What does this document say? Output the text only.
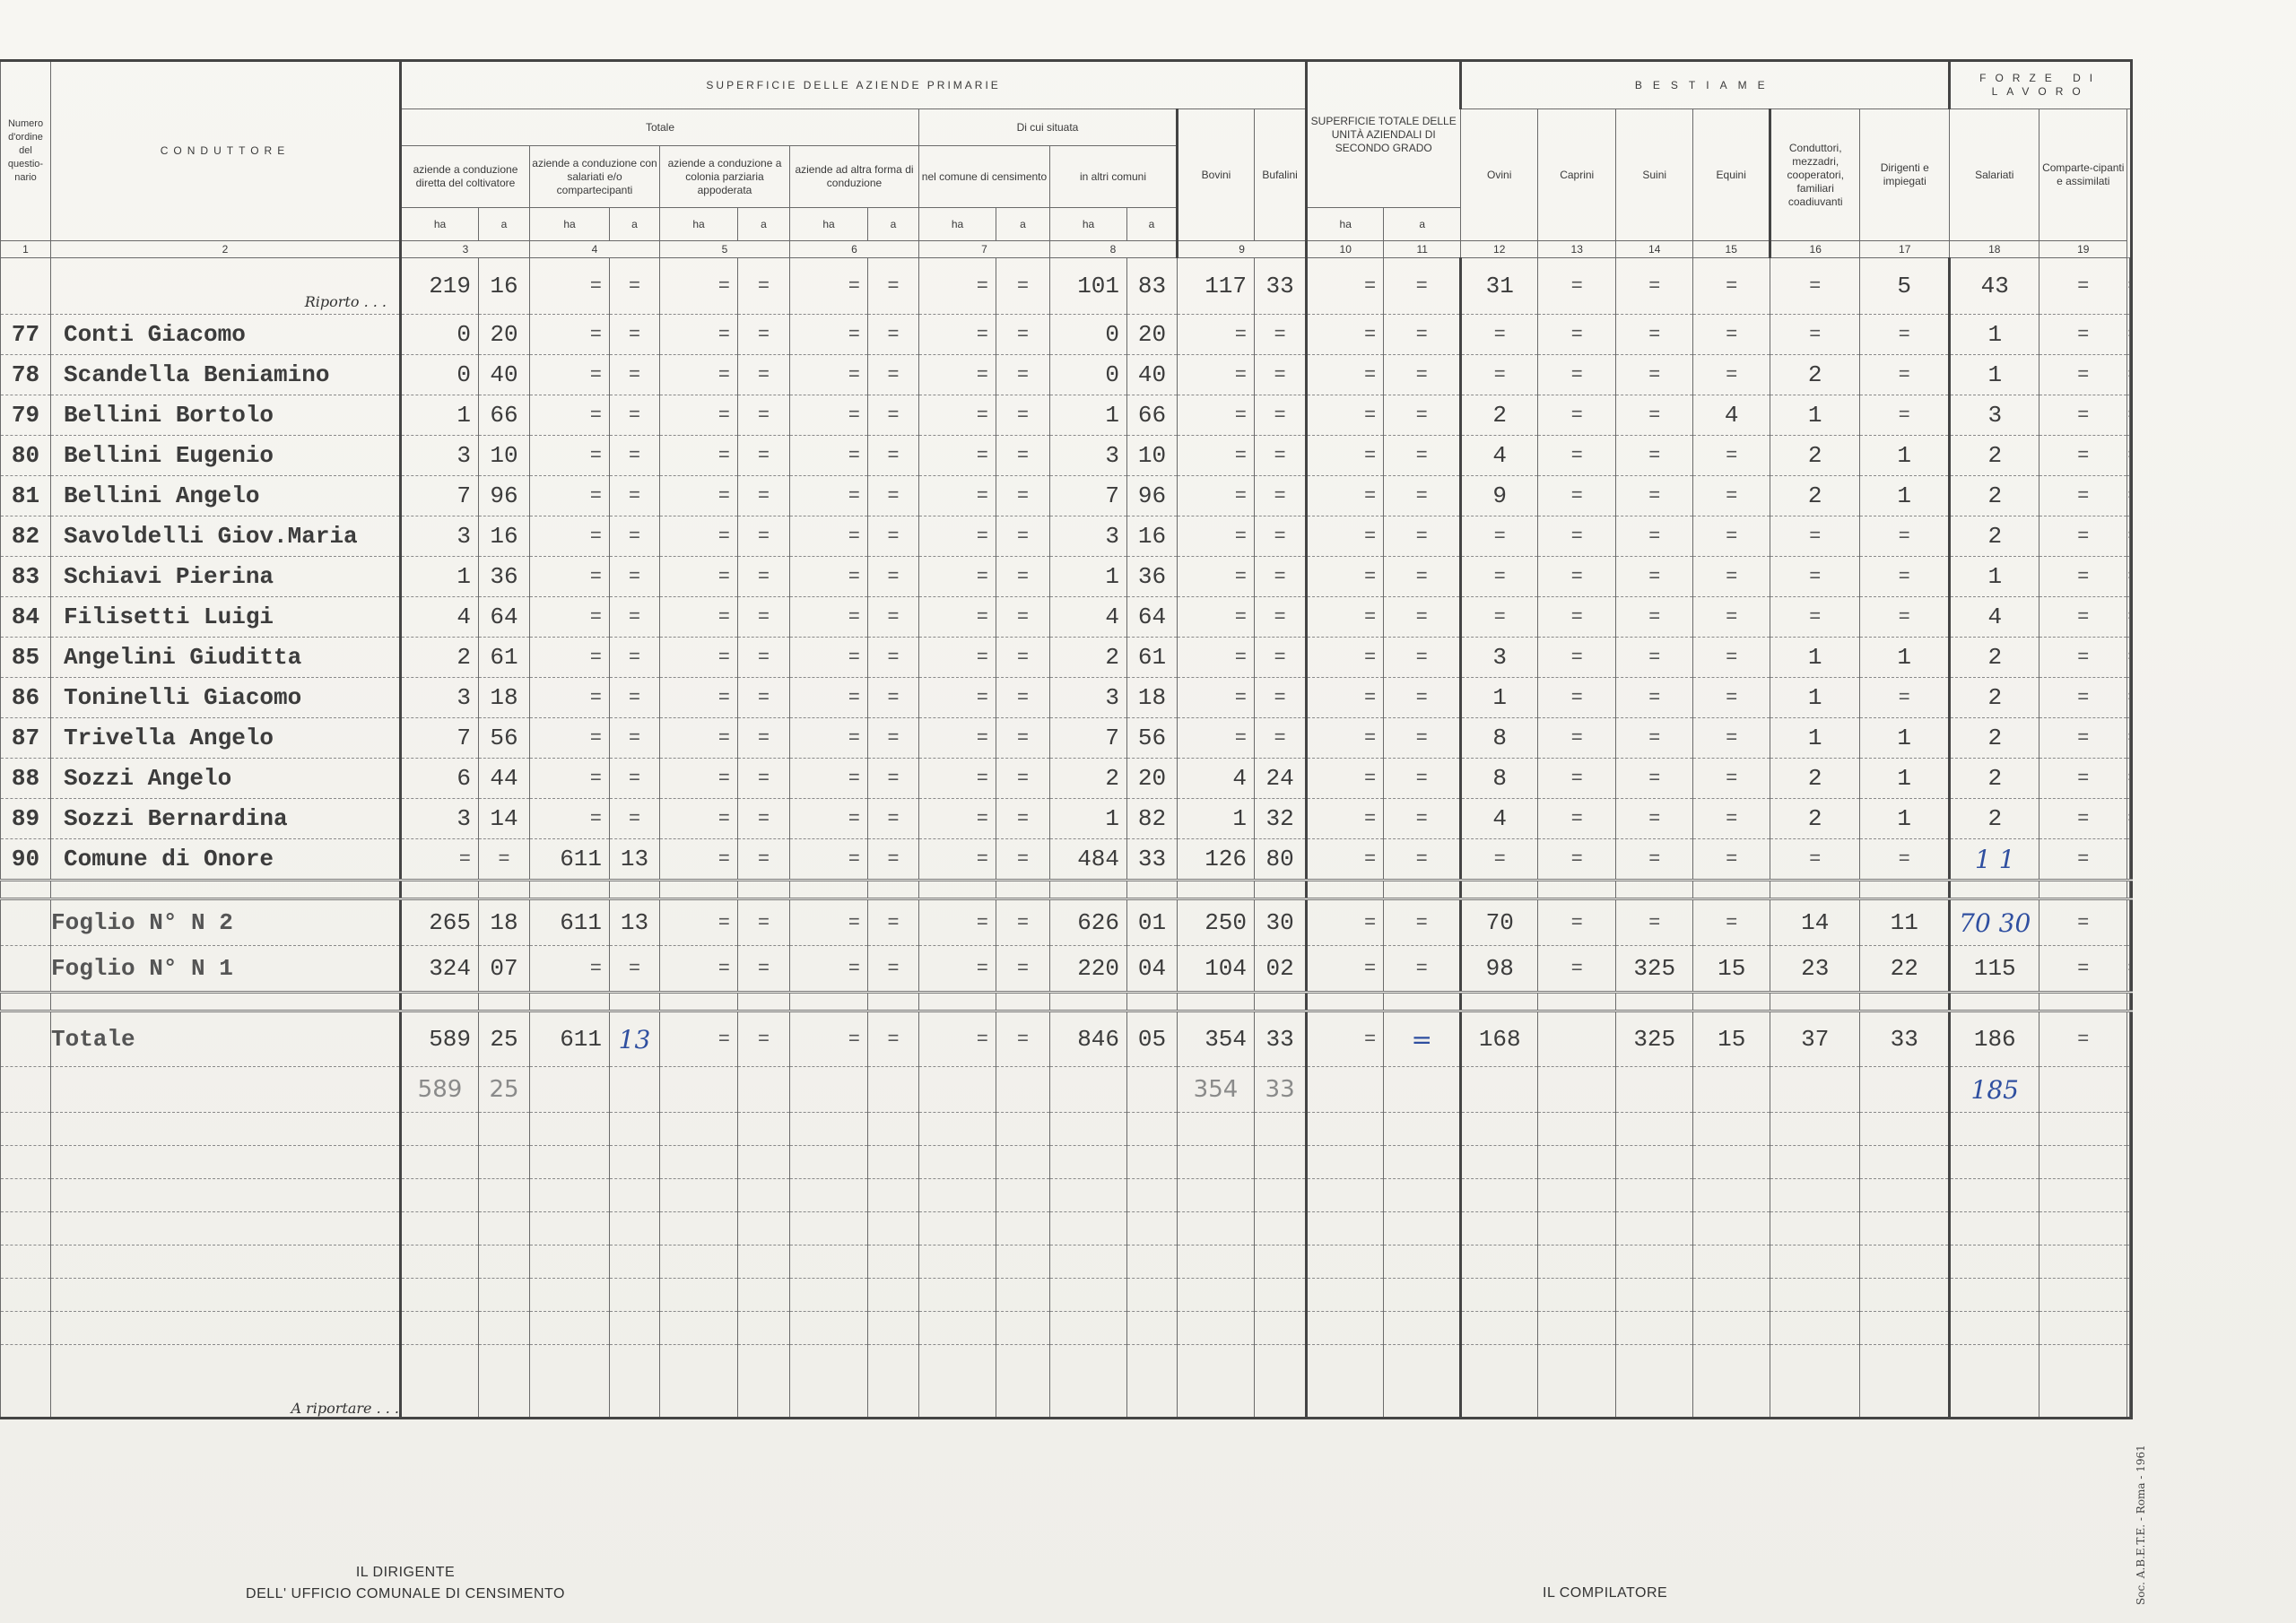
Numero d'ordine del questio-nario	CONDUTTORE	SUPERFICIE DELLE AZIENDE PRIMARIE														SUPERFICIE TOTALE DELLE UNITÀ AZIENDALI DI SECONDO GRADO		BESTIAME						FORZE DI LAVORO			
		Totale								Di cui situata				Bovini	Bufalini			Ovini	Caprini	Suini	Equini	Conduttori, mezzadri, cooperatori, familiari coadiuvanti	Dirigenti e impiegati	Salariati	Comparte-cipanti e assimilati		
		aziende a conduzione diretta del coltivatore		aziende a conduzione con salariati e/o compartecipanti		aziende a conduzione a colonia parziaria appoderata		aziende ad altra forma di conduzione		nel comune di censimento		in altri comuni															
		ha	a	ha	a	ha	a	ha	a	ha	a	ha	a			ha	a										
1	2	3		4		5		6		7		8		9		10	11	12	13	14	15	16	17	18	19		
	Riporto . . .	219	16	=	=	=	=	=	=	=	=	101	83	117	33	=	=	31	=	=	=	=	5	43	=		
77	Conti Giacomo	0	20	=	=	=	=	=	=	=	=	0	20	=	=	=	=	=	=	=	=	=	=	1	=		
78	Scandella Beniamino	0	40	=	=	=	=	=	=	=	=	0	40	=	=	=	=	=	=	=	=	2	=	1	=		
79	Bellini Bortolo	1	66	=	=	=	=	=	=	=	=	1	66	=	=	=	=	2	=	=	4	1	=	3	=		
80	Bellini Eugenio	3	10	=	=	=	=	=	=	=	=	3	10	=	=	=	=	4	=	=	=	2	1	2	=		
81	Bellini Angelo	7	96	=	=	=	=	=	=	=	=	7	96	=	=	=	=	9	=	=	=	2	1	2	=		
82	Savoldelli Giov.Maria	3	16	=	=	=	=	=	=	=	=	3	16	=	=	=	=	=	=	=	=	=	=	2	=		
83	Schiavi Pierina	1	36	=	=	=	=	=	=	=	=	1	36	=	=	=	=	=	=	=	=	=	=	1	=		
84	Filisetti Luigi	4	64	=	=	=	=	=	=	=	=	4	64	=	=	=	=	=	=	=	=	=	=	4	=		
85	Angelini Giuditta	2	61	=	=	=	=	=	=	=	=	2	61	=	=	=	=	3	=	=	=	1	1	2	=		
86	Toninelli Giacomo	3	18	=	=	=	=	=	=	=	=	3	18	=	=	=	=	1	=	=	=	1	=	2	=		
87	Trivella Angelo	7	56	=	=	=	=	=	=	=	=	7	56	=	=	=	=	8	=	=	=	1	1	2	=		
88	Sozzi Angelo	6	44	=	=	=	=	=	=	=	=	2	20	4	24	=	=	8	=	=	=	2	1	2	=		
89	Sozzi Bernardina	3	14	=	=	=	=	=	=	=	=	1	82	1	32	=	=	4	=	=	=	2	1	2	=		
90	Comune di Onore	=	=	611	13	=	=	=	=	=	=	484	33	126	80	=	=	=	=	=	=	=	=	1 1	=		

	Foglio N° N 2	265	18	611	13	=	=	=	=	=	=	626	01	250	30	=	=	70	=	=	=	14	11	70 30	=		
	Foglio N° N 1	324	07	=	=	=	=	=	=	=	=	220	04	104	02	=	=	98	=	325	15	23	22	115	=		

	Totale	589	25	611	13	=	=	=	=	=	=	846	05	354	33	=	=	168		325	15	37	33	186	=		
		589	25											354	33									185			

	A riportare . . .																										
IL DIRIGENTE
DELL' UFFICIO COMUNALE DI CENSIMENTO	IL COMPILATORE	Soc. A.B.E.T.E. - Roma - 1961
